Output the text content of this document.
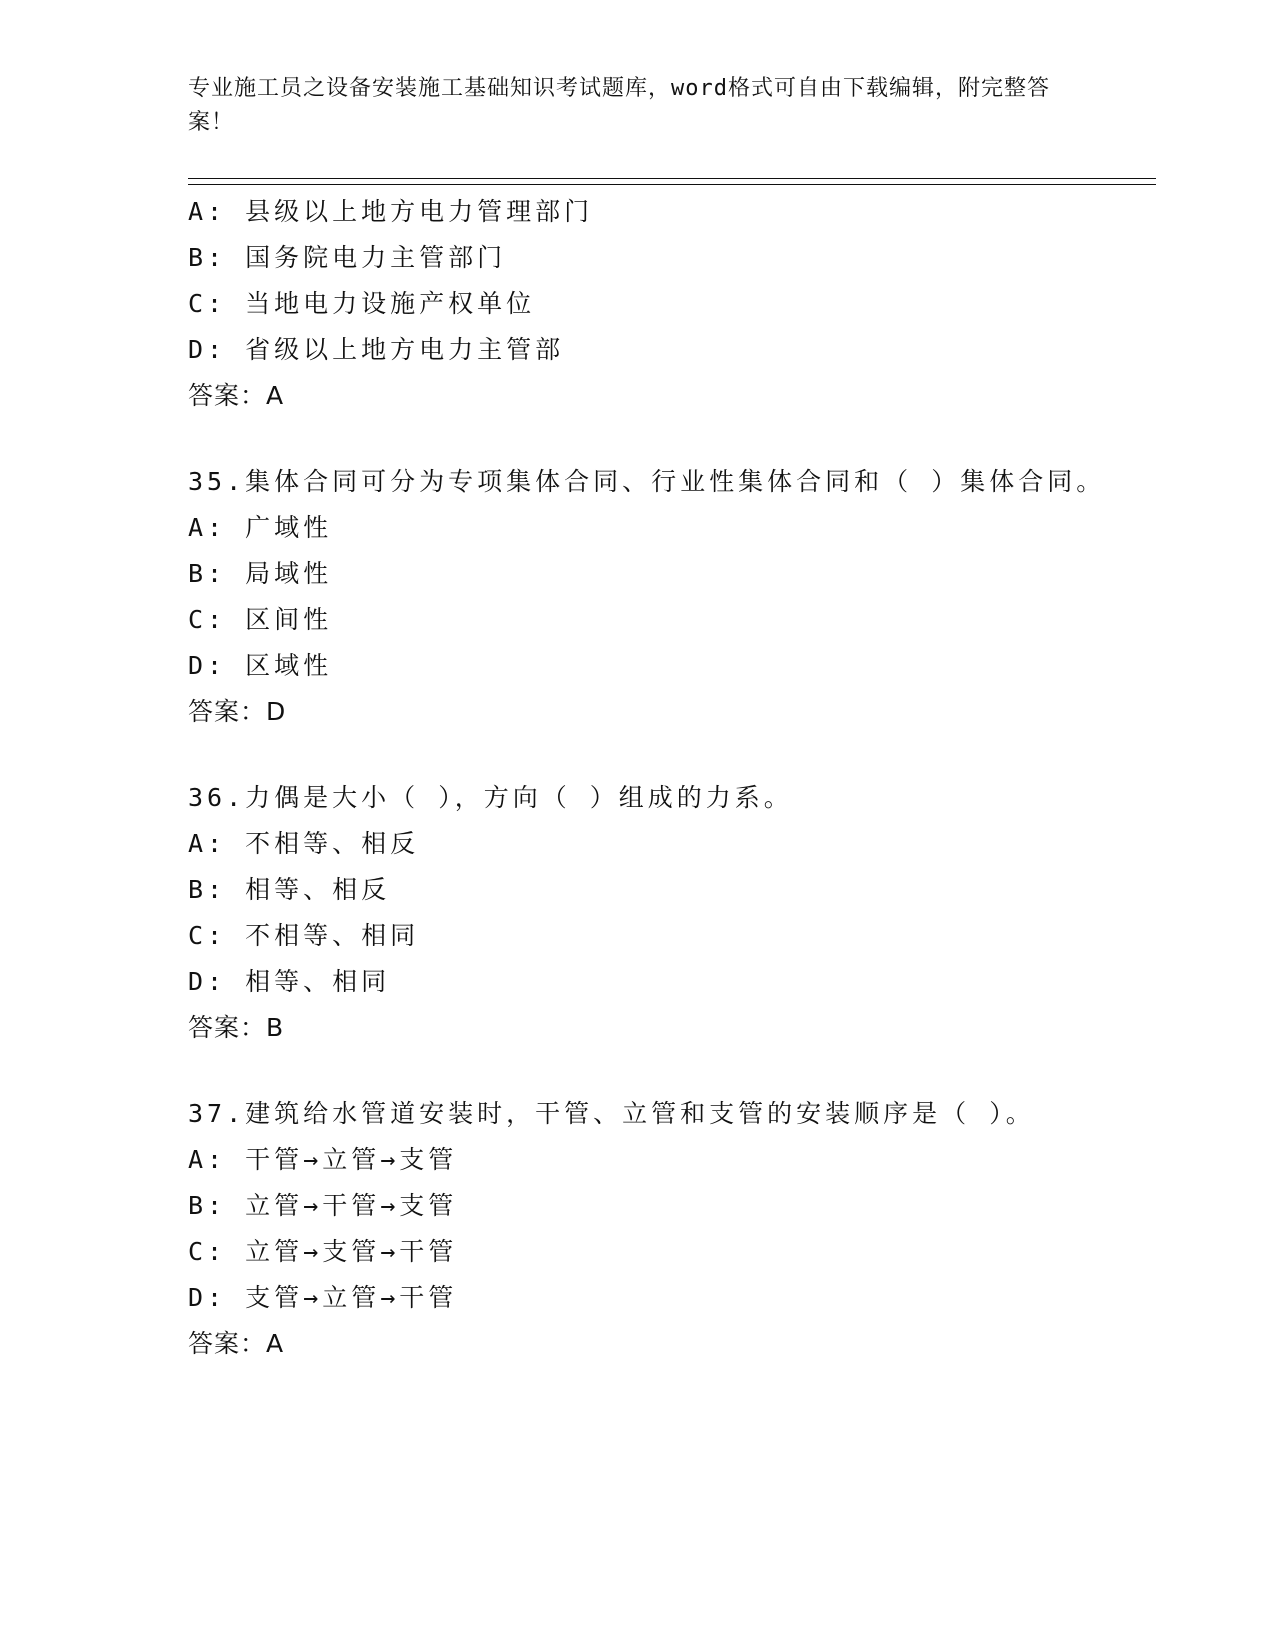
专业施工员之设备安装施工基础知识考试题库，word格式可自由下载编辑，附完整答案！
A: 县级以上地方电力管理部门
B: 国务院电力主管部门
C: 当地电力设施产权单位
D: 省级以上地方电力主管部
答案：A
35.集体合同可分为专项集体合同、行业性集体合同和（ ）集体合同。
A: 广域性
B: 局域性
C: 区间性
D: 区域性
答案：D
36.力偶是大小（ ），方向（ ）组成的力系。
A: 不相等、相反
B: 相等、相反
C: 不相等、相同
D: 相等、相同
答案：B
37.建筑给水管道安装时，干管、立管和支管的安装顺序是（ ）。
A: 干管→立管→支管
B: 立管→干管→支管
C: 立管→支管→干管
D: 支管→立管→干管
答案：A
